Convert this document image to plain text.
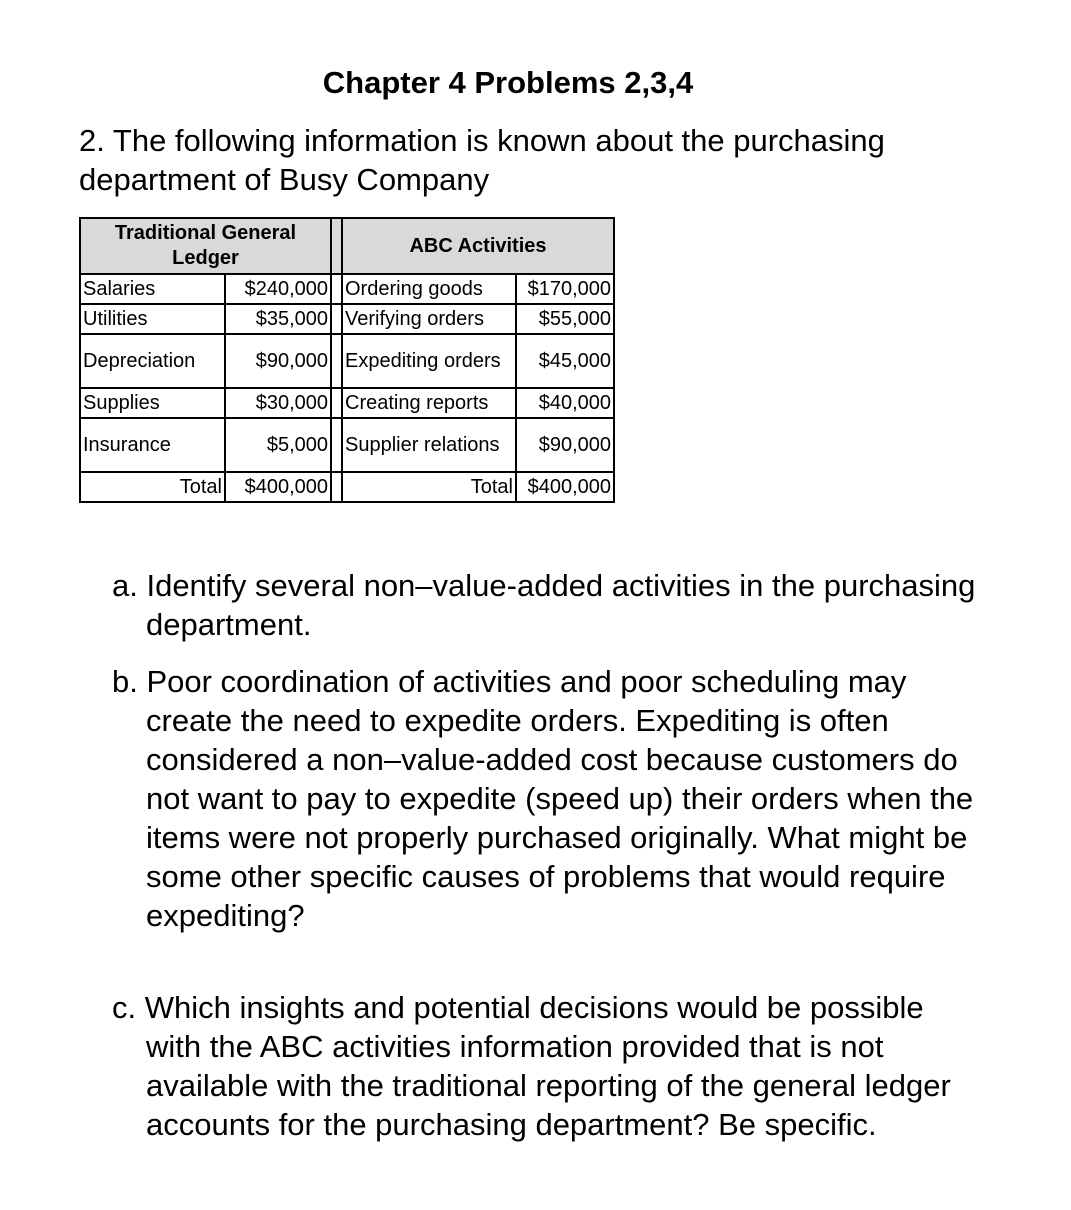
Chapter 4 Problems 2,3,4
2. The following information is known about the purchasing department of Busy Company
Traditional General Ledger			ABC Activities	
Salaries	$240,000		Ordering goods	$170,000
Utilities	$35,000		Verifying orders	$55,000
Depreciation	$90,000		Expediting orders	$45,000
Supplies	$30,000		Creating reports	$40,000
Insurance	$5,000		Supplier relations	$90,000
Total	$400,000		Total	$400,000
a. Identify several non–value-added activities in the purchasing department.
b. Poor coordination of activities and poor scheduling may create the need to expedite orders. Expediting is often considered a non–value-added cost because customers do not want to pay to expedite (speed up) their orders when the items were not properly purchased originally. What might be some other specific causes of problems that would require expediting?
c. Which insights and potential decisions would be possible with the ABC activities information provided that is not available with the traditional reporting of the general ledger accounts for the purchasing department? Be specific.
